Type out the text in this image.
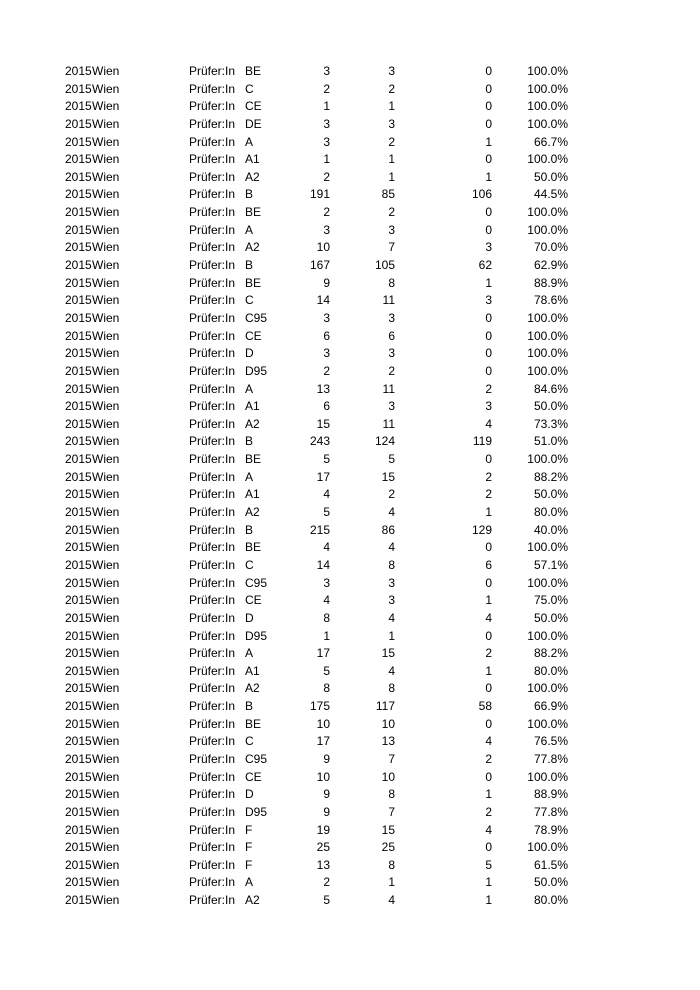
2015 Wien	Prüfer:In BE	3	3	0	100.0%
2015 Wien	Prüfer:In C	2	2	0	100.0%
2015 Wien	Prüfer:In CE	1	1	0	100.0%
2015 Wien	Prüfer:In DE	3	3	0	100.0%
2015 Wien	Prüfer:In A	3	2	1	66.7%
2015 Wien	Prüfer:In A1	1	1	0	100.0%
2015 Wien	Prüfer:In A2	2	1	1	50.0%
2015 Wien	Prüfer:In B	191	85	106	44.5%
2015 Wien	Prüfer:In BE	2	2	0	100.0%
2015 Wien	Prüfer:In A	3	3	0	100.0%
2015 Wien	Prüfer:In A2	10	7	3	70.0%
2015 Wien	Prüfer:In B	167	105	62	62.9%
2015 Wien	Prüfer:In BE	9	8	1	88.9%
2015 Wien	Prüfer:In C	14	11	3	78.6%
2015 Wien	Prüfer:In C95	3	3	0	100.0%
2015 Wien	Prüfer:In CE	6	6	0	100.0%
2015 Wien	Prüfer:In D	3	3	0	100.0%
2015 Wien	Prüfer:In D95	2	2	0	100.0%
2015 Wien	Prüfer:In A	13	11	2	84.6%
2015 Wien	Prüfer:In A1	6	3	3	50.0%
2015 Wien	Prüfer:In A2	15	11	4	73.3%
2015 Wien	Prüfer:In B	243	124	119	51.0%
2015 Wien	Prüfer:In BE	5	5	0	100.0%
2015 Wien	Prüfer:In A	17	15	2	88.2%
2015 Wien	Prüfer:In A1	4	2	2	50.0%
2015 Wien	Prüfer:In A2	5	4	1	80.0%
2015 Wien	Prüfer:In B	215	86	129	40.0%
2015 Wien	Prüfer:In BE	4	4	0	100.0%
2015 Wien	Prüfer:In C	14	8	6	57.1%
2015 Wien	Prüfer:In C95	3	3	0	100.0%
2015 Wien	Prüfer:In CE	4	3	1	75.0%
2015 Wien	Prüfer:In D	8	4	4	50.0%
2015 Wien	Prüfer:In D95	1	1	0	100.0%
2015 Wien	Prüfer:In A	17	15	2	88.2%
2015 Wien	Prüfer:In A1	5	4	1	80.0%
2015 Wien	Prüfer:In A2	8	8	0	100.0%
2015 Wien	Prüfer:In B	175	117	58	66.9%
2015 Wien	Prüfer:In BE	10	10	0	100.0%
2015 Wien	Prüfer:In C	17	13	4	76.5%
2015 Wien	Prüfer:In C95	9	7	2	77.8%
2015 Wien	Prüfer:In CE	10	10	0	100.0%
2015 Wien	Prüfer:In D	9	8	1	88.9%
2015 Wien	Prüfer:In D95	9	7	2	77.8%
2015 Wien	Prüfer:In F	19	15	4	78.9%
2015 Wien	Prüfer:In F	25	25	0	100.0%
2015 Wien	Prüfer:In F	13	8	5	61.5%
2015 Wien	Prüfer:In A	2	1	1	50.0%
2015 Wien	Prüfer:In A2	5	4	1	80.0%
